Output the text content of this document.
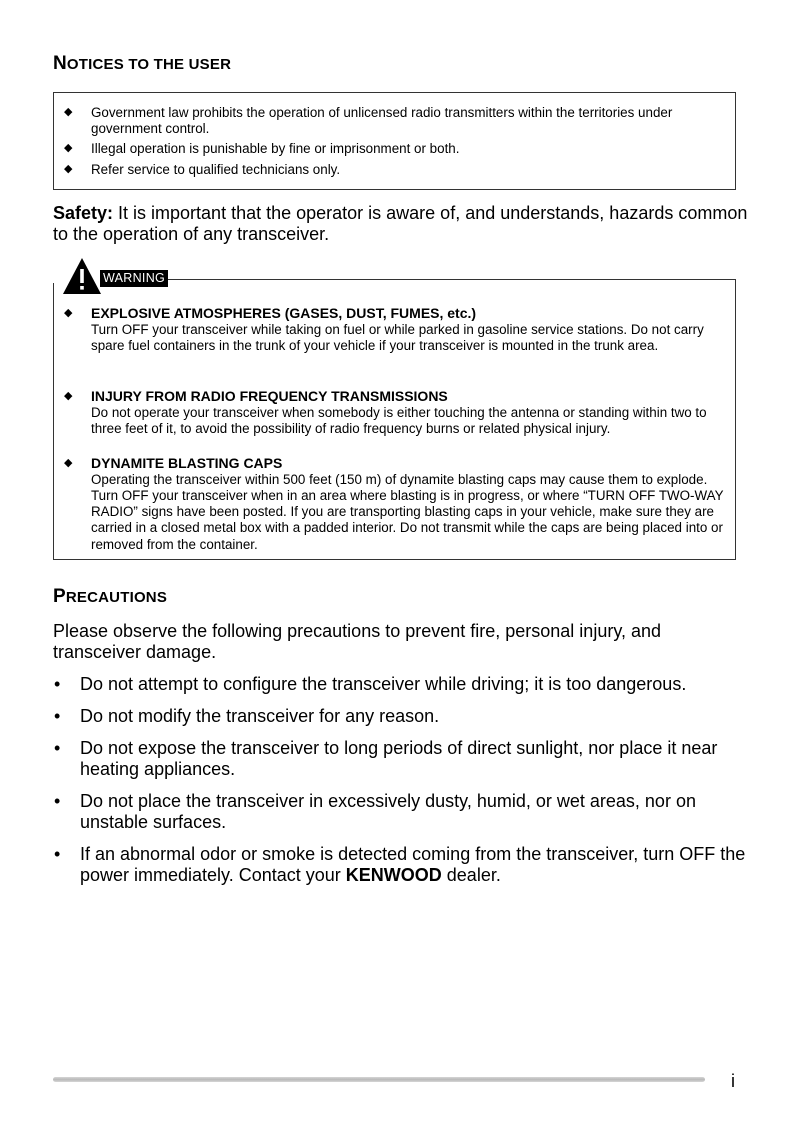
NOTICES TO THE USER
◆ Government law prohibits the operation of unlicensed radio transmitters within the territories under government control.
◆ Illegal operation is punishable by fine or imprisonment or both.
◆ Refer service to qualified technicians only.
Safety: It is important that the operator is aware of, and understands, hazards common to the operation of any transceiver.
◆ EXPLOSIVE ATMOSPHERES (GASES, DUST, FUMES, etc.)
Turn OFF your transceiver while taking on fuel or while parked in gasoline service stations. Do not carry spare fuel containers in the trunk of your vehicle if your transceiver is mounted in the trunk area.
◆ INJURY FROM RADIO FREQUENCY TRANSMISSIONS
Do not operate your transceiver when somebody is either touching the antenna or standing within two to three feet of it, to avoid the possibility of radio frequency burns or related physical injury.
◆ DYNAMITE BLASTING CAPS
Operating the transceiver within 500 feet (150 m) of dynamite blasting caps may cause them to explode. Turn OFF your transceiver when in an area where blasting is in progress, or where “TURN OFF TWO-WAY RADIO” signs have been posted. If you are transporting blasting caps in your vehicle, make sure they are carried in a closed metal box with a padded interior. Do not transmit while the caps are being placed into or removed from the container.
WARNING
PRECAUTIONS
Please observe the following precautions to prevent fire, personal injury, and transceiver damage.
• Do not attempt to configure the transceiver while driving; it is too dangerous.
• Do not modify the transceiver for any reason.
• Do not expose the transceiver to long periods of direct sunlight, nor place it near heating appliances.
• Do not place the transceiver in excessively dusty, humid, or wet areas, nor on unstable surfaces.
• If an abnormal odor or smoke is detected coming from the transceiver, turn OFF the power immediately. Contact your KENWOOD dealer.
i
